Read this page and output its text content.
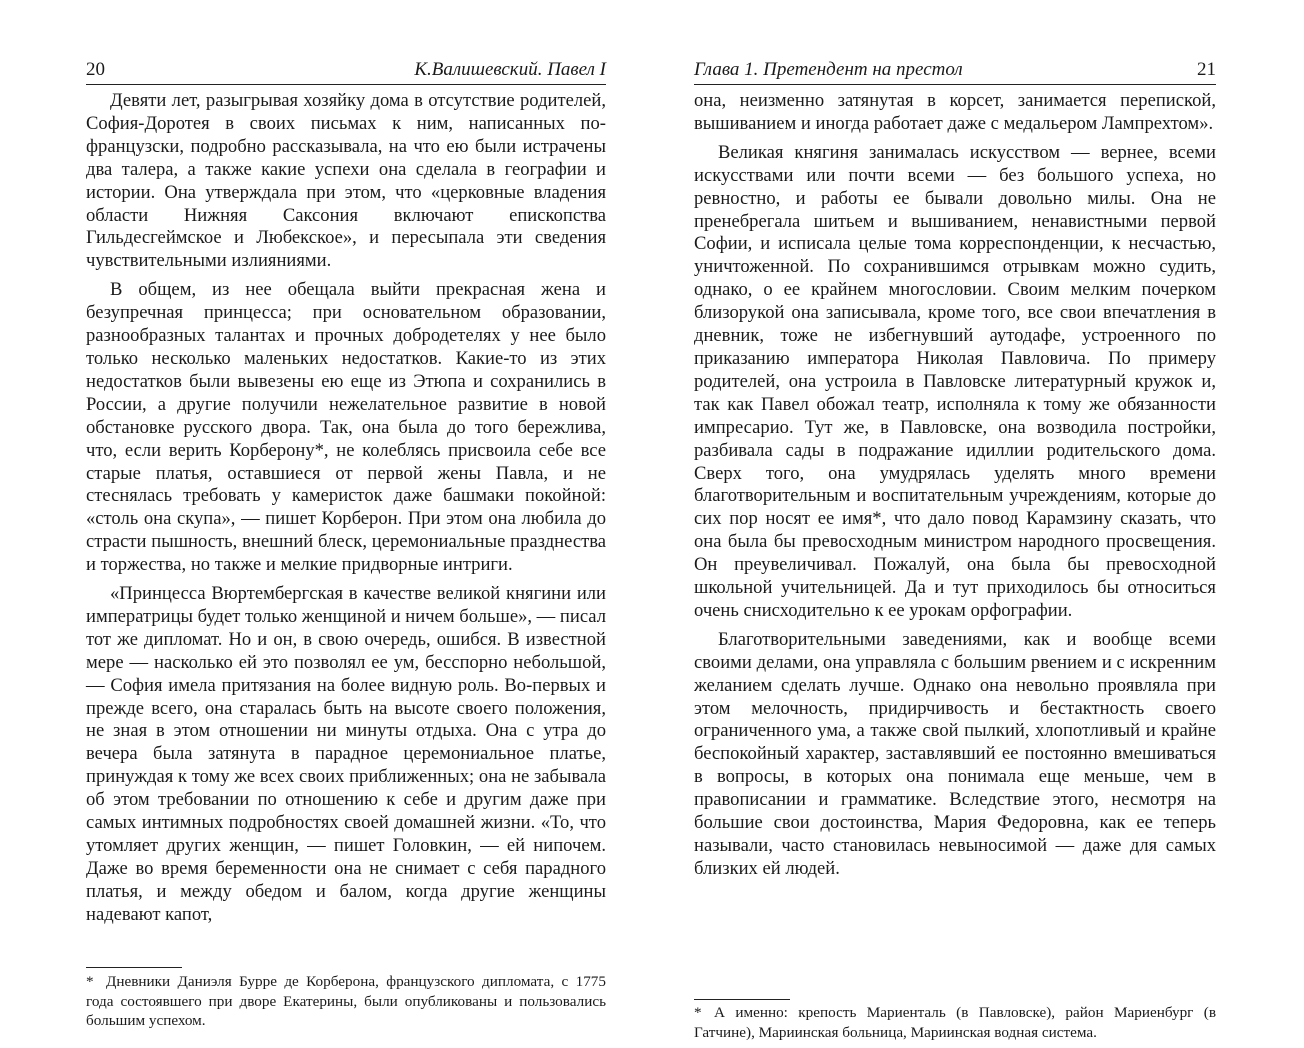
20	К.Валишевский. Павел I

Девяти лет, разыгрывая хозяйку дома в отсутствие родителей, София-Доротея в своих письмах к ним, написанных по-французски, подробно рассказывала, на что ею были истрачены два талера, а также какие успехи она сделала в географии и истории. Она утверждала при этом, что «церковные владения области Нижняя Саксония включают епископства Гильдесгеймское и Любекское», и пересыпала эти сведения чувствительными излияниями.

В общем, из нее обещала выйти прекрасная жена и безупречная принцесса; при основательном образовании, разнообразных талантах и прочных добродетелях у нее было только несколько маленьких недостатков. Какие-то из этих недостатков были вывезены ею еще из Этюпа и сохранились в России, а другие получили нежелательное развитие в новой обстановке русского двора. Так, она была до того бережлива, что, если верить Корберону*, не колеблясь присвоила себе все старые платья, оставшиеся от первой жены Павла, и не стеснялась требовать у камеристок даже башмаки покойной: «столь она скупа», — пишет Корберон. При этом она любила до страсти пышность, внешний блеск, церемониальные празднества и торжества, но также и мелкие придворные интриги.

«Принцесса Вюртембергская в качестве великой княгини или императрицы будет только женщиной и ничем больше», — писал тот же дипломат. Но и он, в свою очередь, ошибся. В известной мере — насколько ей это позволял ее ум, бесспорно небольшой, — София имела притязания на более видную роль. Во-первых и прежде всего, она старалась быть на высоте своего положения, не зная в этом отношении ни минуты отдыха. Она с утра до вечера была затянута в парадное церемониальное платье, принуждая к тому же всех своих приближенных; она не забывала об этом требовании по отношению к себе и другим даже при самых интимных подробностях своей домашней жизни. «То, что утомляет других женщин, — пишет Головкин, — ей нипочем. Даже во время беременности она не снимает с себя парадного платья, и между обедом и балом, когда другие женщины надевают капот,

* Дневники Даниэля Бурре де Корберона, французского дипломата, с 1775 года состоявшего при дворе Екатерины, были опубликованы и пользовались большим успехом.
Глава 1. Претендент на престол	21

она, неизменно затянутая в корсет, занимается перепиской, вышиванием и иногда работает даже с медальером Лампрехтом».

Великая княгиня занималась искусством — вернее, всеми искусствами или почти всеми — без большого успеха, но ревностно, и работы ее бывали довольно милы. Она не пренебрегала шитьем и вышиванием, ненавистными первой Софии, и исписала целые тома корреспонденции, к несчастью, уничтоженной. По сохранившимся отрывкам можно судить, однако, о ее крайнем многословии. Своим мелким почерком близорукой она записывала, кроме того, все свои впечатления в дневник, тоже не избегнувший аутодафе, устроенного по приказанию императора Николая Павловича. По примеру родителей, она устроила в Павловске литературный кружок и, так как Павел обожал театр, исполняла к тому же обязанности импресарио. Тут же, в Павловске, она возводила постройки, разбивала сады в подражание идиллии родительского дома. Сверх того, она умудрялась уделять много времени благотворительным и воспитательным учреждениям, которые до сих пор носят ее имя*, что дало повод Карамзину сказать, что она была бы превосходным министром народного просвещения. Он преувеличивал. Пожалуй, она была бы превосходной школьной учительницей. Да и тут приходилось бы относиться очень снисходительно к ее урокам орфографии.

Благотворительными заведениями, как и вообще всеми своими делами, она управляла с большим рвением и с искренним желанием сделать лучше. Однако она невольно проявляла при этом мелочность, придирчивость и бестактность своего ограниченного ума, а также свой пылкий, хлопотливый и крайне беспокойный характер, заставлявший ее постоянно вмешиваться в вопросы, в которых она понимала еще меньше, чем в правописании и грамматике. Вследствие этого, несмотря на большие свои достоинства, Мария Федоровна, как ее теперь называли, часто становилась невыносимой — даже для самых близких ей людей.

* А именно: крепость Мариенталь (в Павловске), район Мариенбург (в Гатчине), Мариинская больница, Мариинская водная система.
